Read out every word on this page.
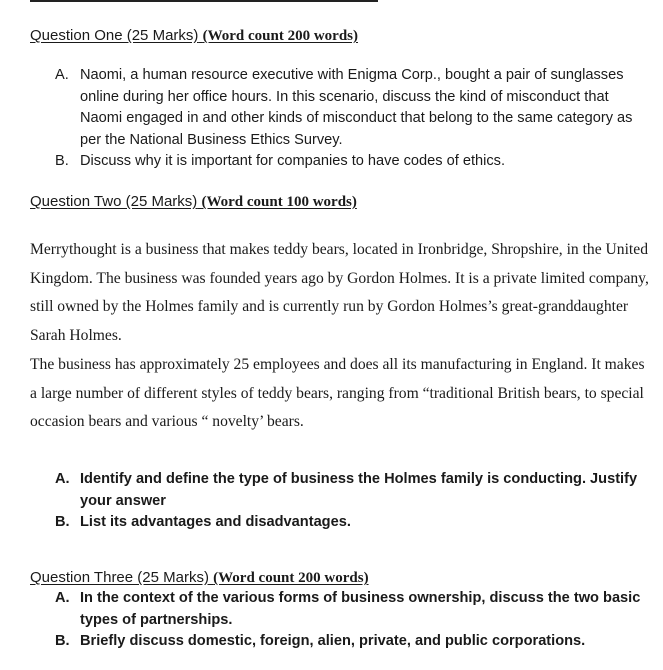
Question One (25 Marks) (Word count 200 words)
A. Naomi, a human resource executive with Enigma Corp., bought a pair of sunglasses online during her office hours. In this scenario, discuss the kind of misconduct that Naomi engaged in and other kinds of misconduct that belong to the same category as per the National Business Ethics Survey.
B. Discuss why it is important for companies to have codes of ethics.
Question Two (25 Marks) (Word count 100 words)

Merrythought is a business that makes teddy bears, located in Ironbridge, Shropshire, in the United Kingdom. The business was founded years ago by Gordon Holmes. It is a private limited company, still owned by the Holmes family and is currently run by Gordon Holmes’s great-granddaughter Sarah Holmes.

The business has approximately 25 employees and does all its manufacturing in England. It makes a large number of different styles of teddy bears, ranging from “traditional British bears, to special occasion bears and various “ novelty’ bears.

A. Identify and define the type of business the Holmes family is conducting. Justify your answer
B. List its advantages and disadvantages.
Question Three (25 Marks) (Word count 200 words)
A. In the context of the various forms of business ownership, discuss the two basic types of partnerships.
B. Briefly discuss domestic, foreign, alien, private, and public corporations.
